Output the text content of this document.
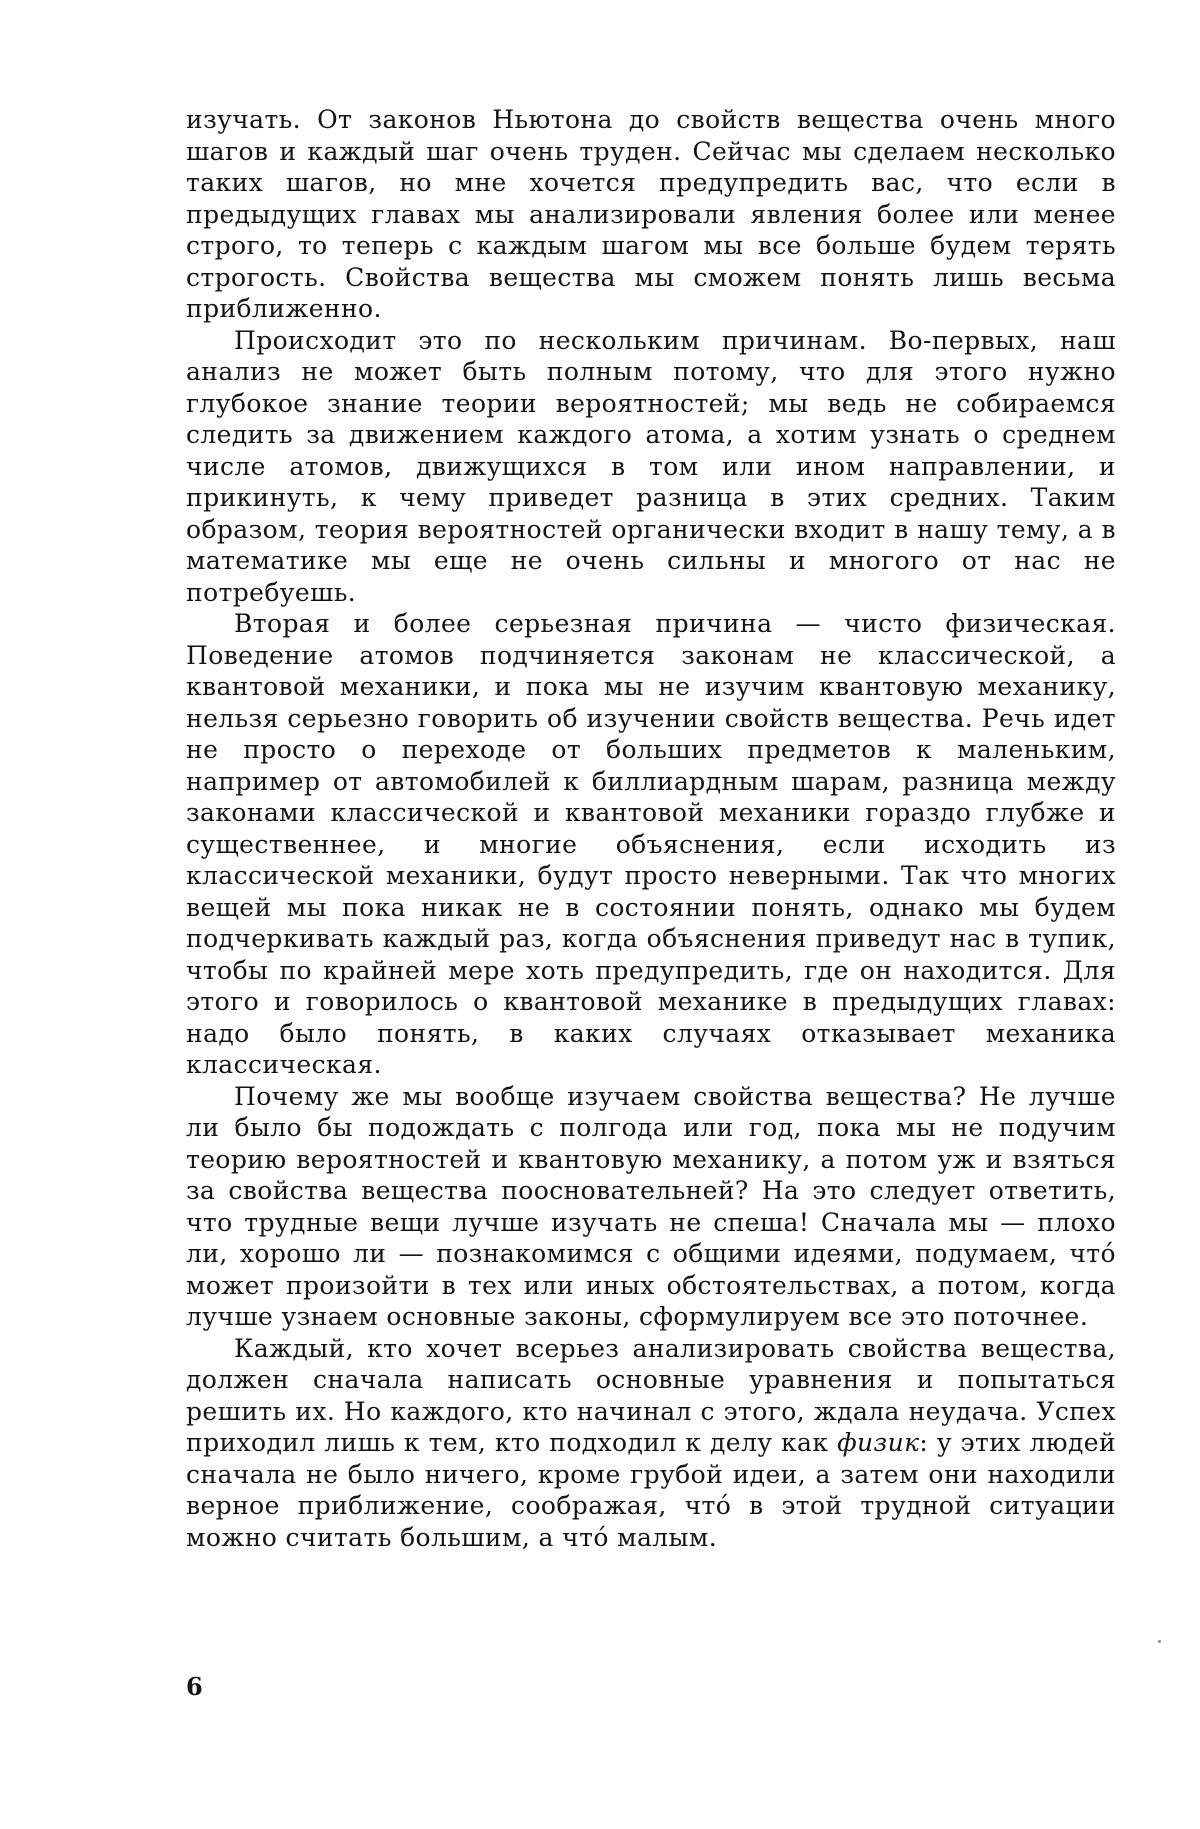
изучать. От законов Ньютона до свойств вещества очень много шагов и каждый шаг очень труден. Сейчас мы сделаем несколько таких шагов, но мне хочется предупредить вас, что если в предыдущих главах мы анализировали явления более или менее строго, то теперь с каждым шагом мы все больше будем терять строгость. Свойства вещества мы сможем понять лишь весьма приближенно.

Происходит это по нескольким причинам. Во-первых, наш анализ не может быть полным потому, что для этого нужно глубокое знание теории вероятностей; мы ведь не собираемся следить за движением каждого атома, а хотим узнать о среднем числе атомов, движущихся в том или ином направлении, и прикинуть, к чему приведет разница в этих средних. Таким образом, теория вероятностей органически входит в нашу тему, а в математике мы еще не очень сильны и многого от нас не потребуешь.

Вторая и более серьезная причина — чисто физическая. Поведение атомов подчиняется законам не классической, а квантовой механики, и пока мы не изучим квантовую механику, нельзя серьезно говорить об изучении свойств вещества. Речь идет не просто о переходе от больших предметов к маленьким, например от автомобилей к биллиардным шарам, разница между законами классической и квантовой механики гораздо глубже и существеннее, и многие объяснения, если исходить из классической механики, будут просто неверными. Так что многих вещей мы пока никак не в состоянии понять, однако мы будем подчеркивать каждый раз, когда объяснения приведут нас в тупик, чтобы по крайней мере хоть предупредить, где он находится. Для этого и говорилось о квантовой механике в предыдущих главах: надо было понять, в каких случаях отказывает механика классическая.

Почему же мы вообще изучаем свойства вещества? Не лучше ли было бы подождать с полгода или год, пока мы не подучим теорию вероятностей и квантовую механику, а потом уж и взяться за свойства вещества поосновательней? На это следует ответить, что трудные вещи лучше изучать не спеша! Сначала мы — плохо ли, хорошо ли — познакомимся с общими идеями, подумаем, что́ может произойти в тех или иных обстоятельствах, а потом, когда лучше узнаем основные законы, сформулируем все это поточнее.

Каждый, кто хочет всерьез анализировать свойства вещества, должен сначала написать основные уравнения и попытаться решить их. Но каждого, кто начинал с этого, ждала неудача. Успех приходил лишь к тем, кто подходил к делу как физик: у этих людей сначала не было ничего, кроме грубой идеи, а затем они находили верное приближение, соображая, что́ в этой трудной ситуации можно считать большим, а что́ малым.

6
